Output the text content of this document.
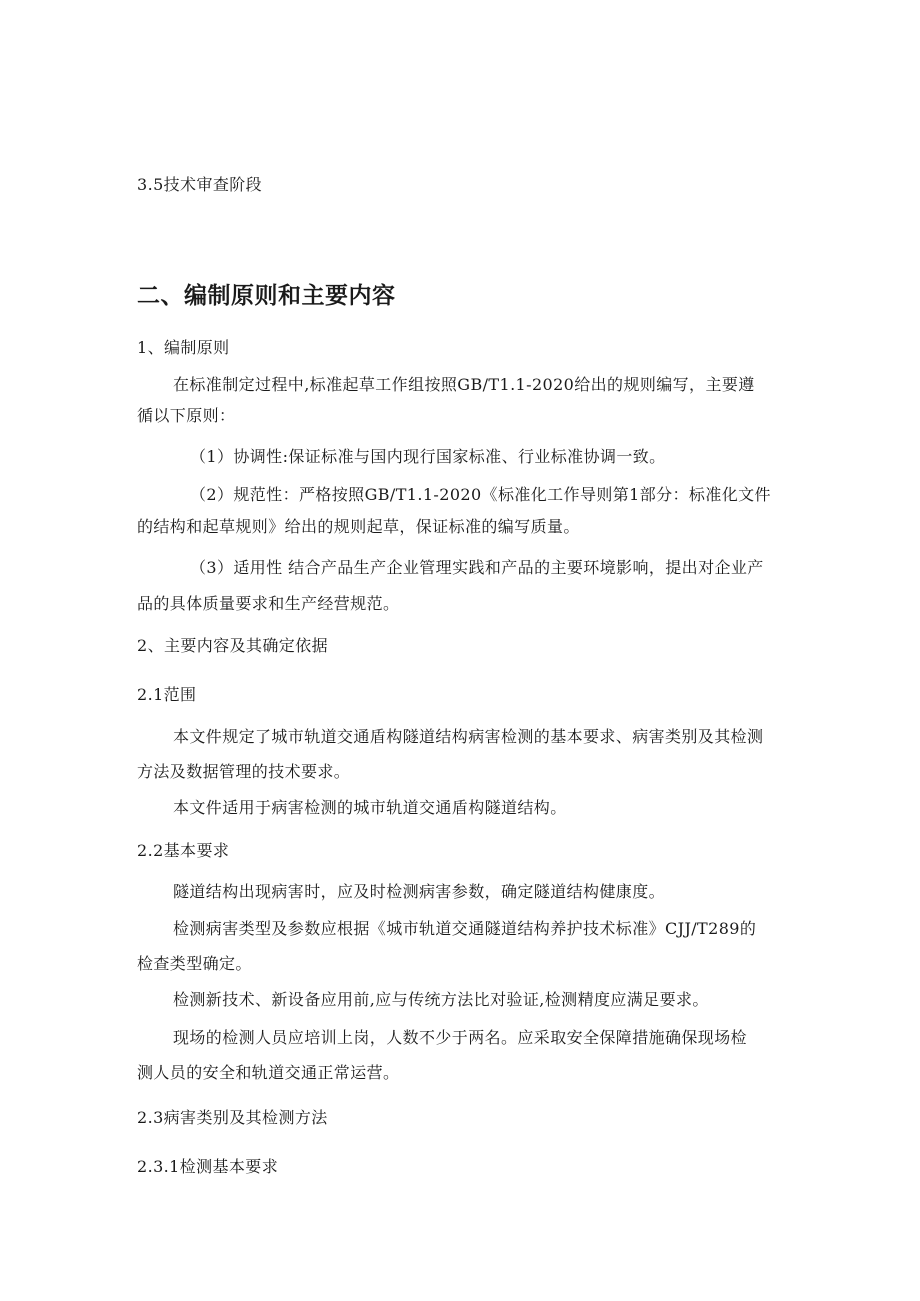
3.5技术审查阶段
二、编制原则和主要内容
1、编制原则
在标准制定过程中,标准起草工作组按照GB/T1.1-2020给出的规则编写，主要遵
循以下原则：
（1）协调性:保证标准与国内现行国家标准、行业标准协调一致。
（2）规范性：严格按照GB/T1.1-2020《标准化工作导则第1部分：标准化文件
的结构和起草规则》给出的规则起草，保证标准的编写质量。
（3）适用性 结合产品生产企业管理实践和产品的主要环境影响，提出对企业产
品的具体质量要求和生产经营规范。
2、主要内容及其确定依据
2.1范围
本文件规定了城市轨道交通盾构隧道结构病害检测的基本要求、病害类别及其检测
方法及数据管理的技术要求。
本文件适用于病害检测的城市轨道交通盾构隧道结构。
2.2基本要求
隧道结构出现病害时，应及时检测病害参数，确定隧道结构健康度。
检测病害类型及参数应根据《城市轨道交通隧道结构养护技术标准》CJJ/T289的
检查类型确定。
检测新技术、新设备应用前,应与传统方法比对验证,检测精度应满足要求。
现场的检测人员应培训上岗，人数不少于两名。应采取安全保障措施确保现场检
测人员的安全和轨道交通正常运营。
2.3病害类别及其检测方法
2.3.1检测基本要求
